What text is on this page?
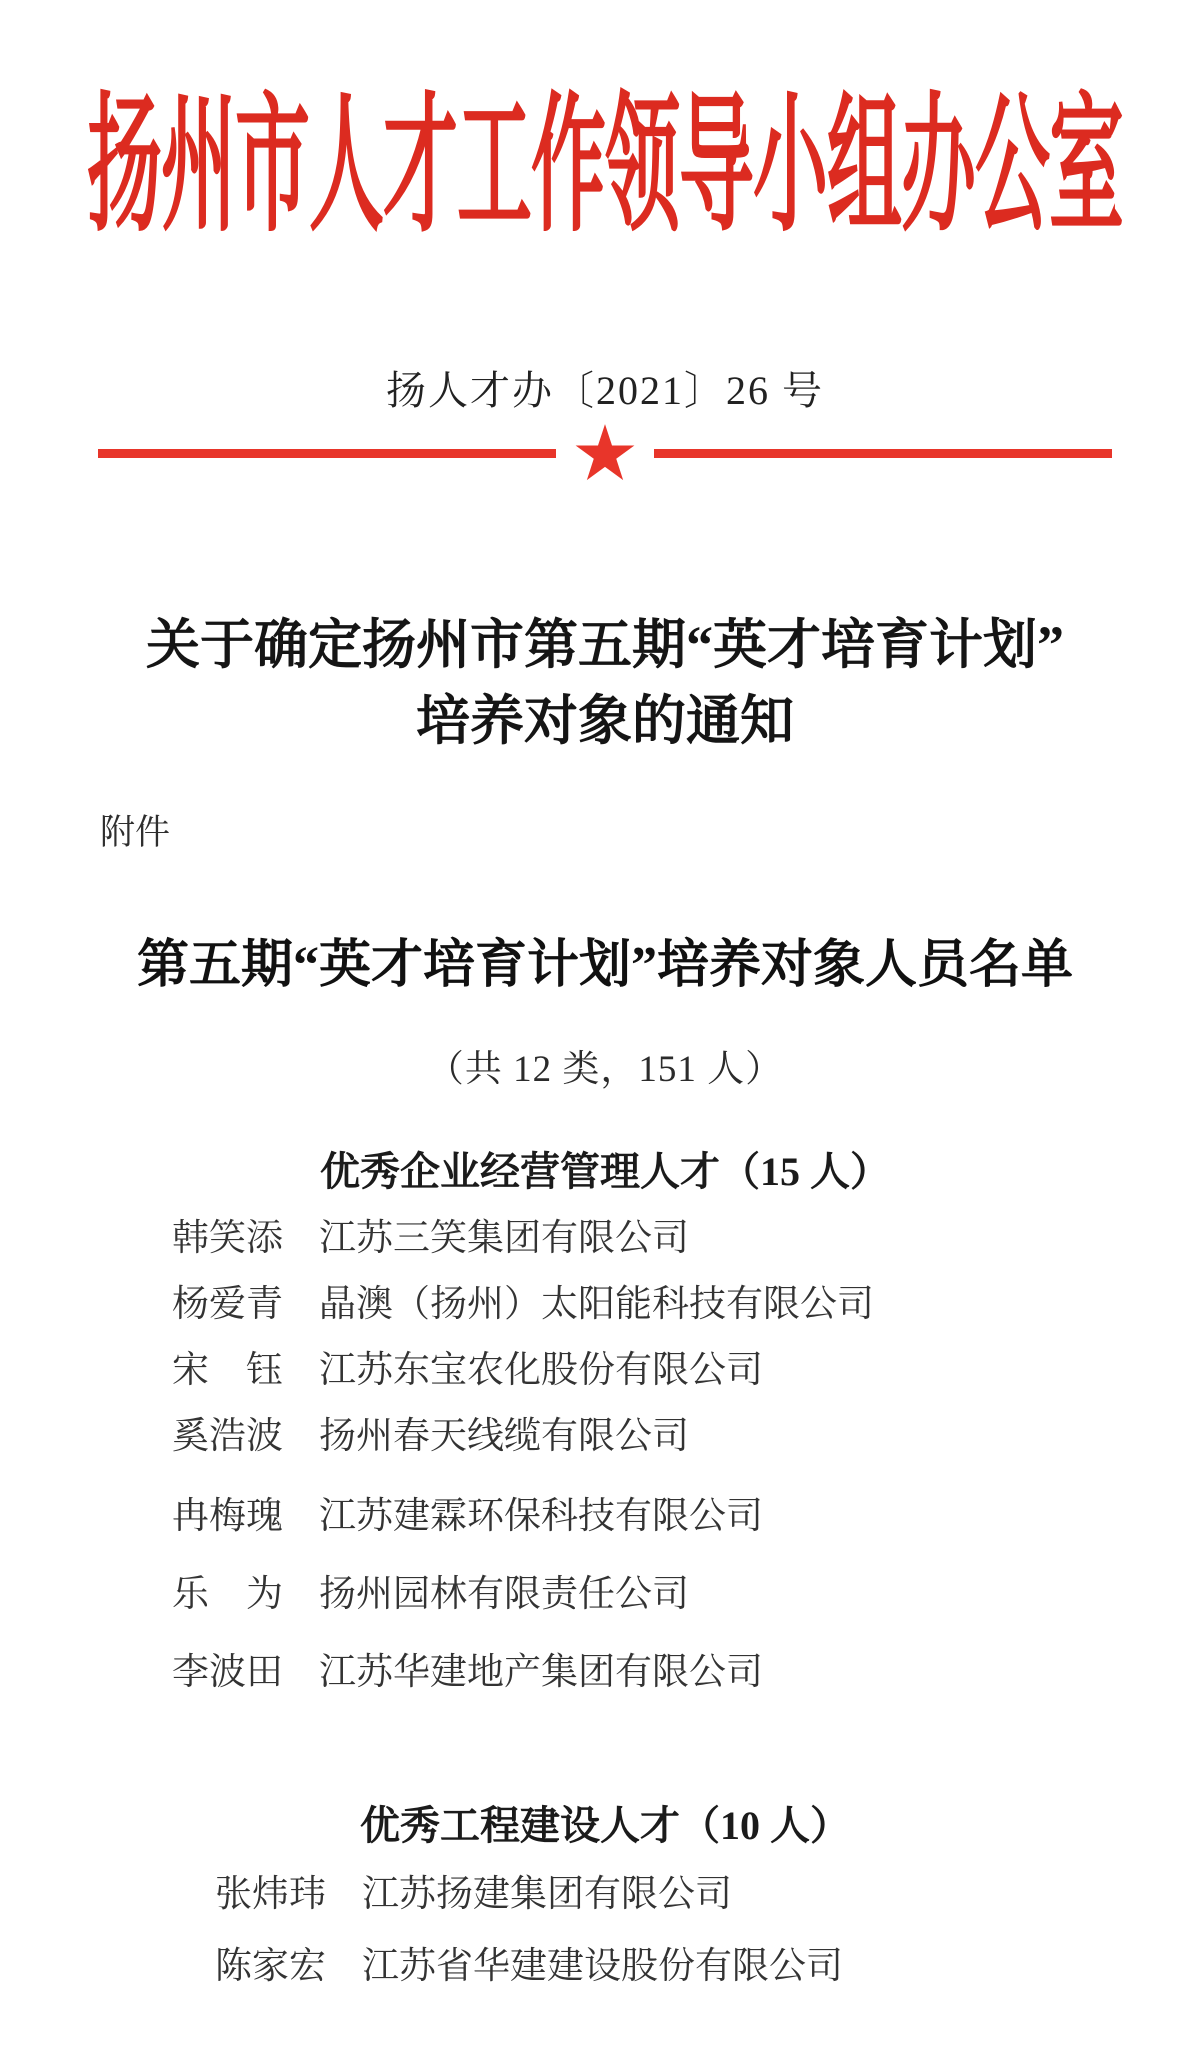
扬州市人才工作领导小组办公室
扬人才办〔2021〕26 号
关于确定扬州市第五期“英才培育计划”
培养对象的通知
附件
第五期“英才培育计划”培养对象人员名单
（共 12 类，151 人）
优秀企业经营管理人才（15 人）
韩笑添 江苏三笑集团有限公司
杨爱青 晶澳（扬州）太阳能科技有限公司
宋　钰 江苏东宝农化股份有限公司
奚浩波 扬州春天线缆有限公司
冉梅瑰 江苏建霖环保科技有限公司
乐　为 扬州园林有限责任公司
李波田 江苏华建地产集团有限公司
优秀工程建设人才（10 人）
张炜玮 江苏扬建集团有限公司
陈家宏 江苏省华建建设股份有限公司
